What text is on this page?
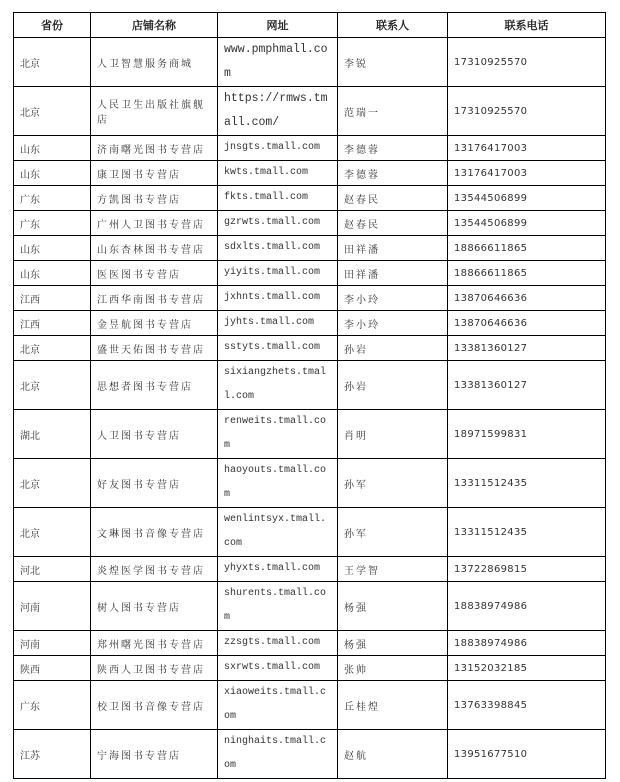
省份	店铺名称	网址	联系人	联系电话
北京	人卫智慧服务商城	www.pmphmall.com	李锐	17310925570
北京	人民卫生出版社旗舰店	https://rmws.tmall.com/	范瑞一	17310925570
山东	济南曙光图书专营店	jnsgts.tmall.com	李德蓉	13176417003
山东	康卫图书专营店	kwts.tmall.com	李德蓉	13176417003
广东	方凯图书专营店	fkts.tmall.com	赵春民	13544506899
广东	广州人卫图书专营店	gzrwts.tmall.com	赵春民	13544506899
山东	山东杏林图书专营店	sdxlts.tmall.com	田祥潘	18866611865
山东	医医图书专营店	yiyits.tmall.com	田祥潘	18866611865
江西	江西华南图书专营店	jxhnts.tmall.com	李小玲	13870646636
江西	金昱航图书专营店	jyhts.tmall.com	李小玲	13870646636
北京	盛世天佑图书专营店	sstyts.tmall.com	孙岩	13381360127
北京	思想者图书专营店	sixiangzhets.tmall.com	孙岩	13381360127
湖北	人卫图书专营店	renweits.tmall.com	肖明	18971599831
北京	好友图书专营店	haoyouts.tmall.com	孙军	13311512435
北京	文琳图书音像专营店	wenlintsyx.tmall.com	孙军	13311512435
河北	炎煌医学图书专营店	yhyxts.tmall.com	王学智	13722869815
河南	树人图书专营店	shurents.tmall.com	杨强	18838974986
河南	郑州曙光图书专营店	zzsgts.tmall.com	杨强	18838974986
陕西	陕西人卫图书专营店	sxrwts.tmall.com	张帅	13152032185
广东	校卫图书音像专营店	xiaoweits.tmall.com	丘桂煌	13763398845
江苏	宁海图书专营店	ninghaits.tmall.com	赵航	13951677510
